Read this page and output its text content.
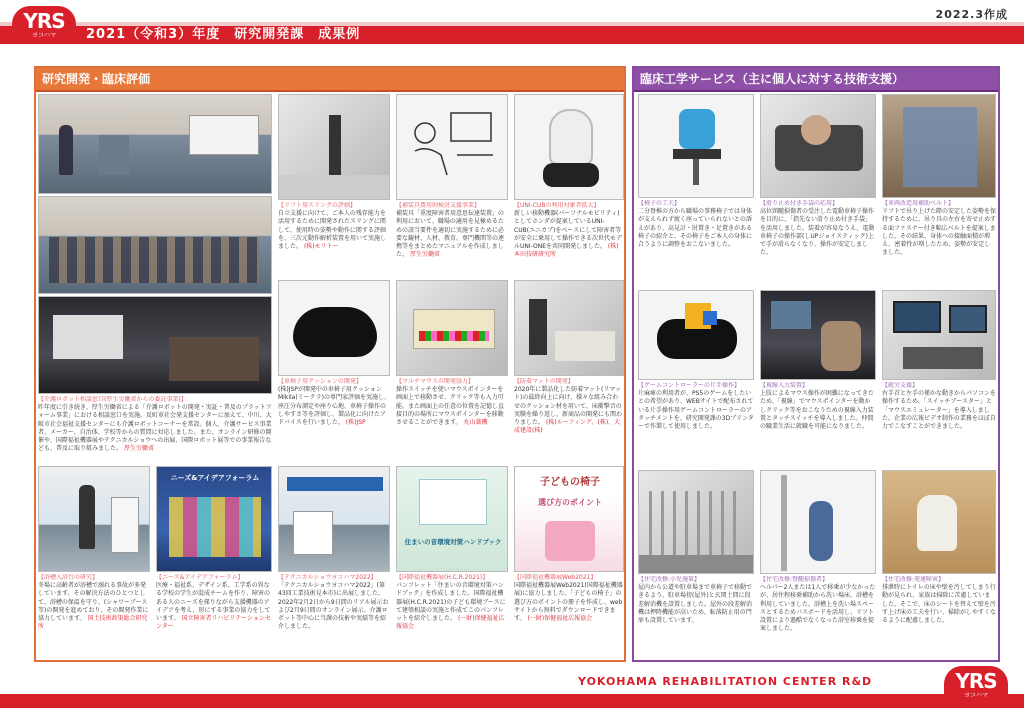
YRS
ヨコハマ	2021（令和3）年度　研究開発課　成果例
2022.3作成
研究開発・臨床評価
【介護ロボット相談窓口(厚生労働省からの委託事業)】
昨年度に引き続き、厚生労働省による「介護ロボットの開発・実証・普及のプラットフォーム事業」における相談窓口を実施。反町車社会発支援センターに加えて、中川、大阪市社会福祉支援センターにも介護ロボットコーナーを常設。個人、介護サービス事業者、メーカー、自治体、学校等からの質問に対応しました。また、オンライン研修の開催や、国際福祉機器展やテクニカルショウへの出展、国際ロボット展等での事業報告なども、普及に取り組みました。 厚生労働省
【リフト用スリングの評価】
自立支援に向けて、ご本人の残存能力を活用するために開発されたスリングに関して、使用時の姿勢や動作に関する評価を、三次元動作解析装置を用いて実施しました。 (株)モリトー
【補装具費用則検討支援事業】
補装具「重度障害者用意思伝達装置」の利用において、職場の適用を見極めるための該当要件を適切に実施するために必要な観材、人材、教育、専門機関等の連携等をまとめたマニュアルを作成しました。 厚生労働省
【UNI-CUBの利用対象者拡大】
新しい移動機器(パーソナルモビリティ)としてホンダが提案しているUNI-CUB(ユニカブ)をベースにして障害者等が安全に乗用して操作できる次世代モデルUNI-ONEを共同開発しました。 (株)本田技研研究所
【車椅子用クッションの開発】
(株)JSPが開発中の車椅子用クッションMikila(ミークラ)の専門家評価を実施し、座圧分布測定や座り心地、車椅子操作のしやすさ等を評価し、製品化に向けたアドバイスを行いました。 (株)JSP
【マルチマウスの開発協力】
操作スイッチを使いマウスポインターを画面上で移動させ、クリック等も入力可能。また画面上の任意の位置を記憶し直接目的の場所にマウスポインターを移動させることができます。 丸山薬機
【防着マットの開発】
2020年に製品化した防着マット(リマット)の最終向上に向け、様々な組み合わせのクッション材を用いて、床衝撃音の実験を繰り返し、新商品の開発にも関わりました。 (株)ルーフィング、(株)、大成建設(株)
【浴槽入浴台の研究】
冬場に高齢者が浴槽で溺れる事故が多発しています。その解決方法のひとつとして、浴槽の保温を守り、(シャワーブース等)の開発を進めており、その開発作業に協力しています。 国土技術政策総合研究所
ニーズ&アイデアフォーラム
【ニーズ&アイデアフォーラム】
医療・福祉系、デザイン系、工学系の異なる学校の学生が混成チームを作り、障害のある人のニーズを探りながら支援機器のアイデアを考え、形にする事業の協力をしています。 国立障害者リハビリテーションセンター
【テクニカルショウヨコハマ2022】
「テクニカルショウヨコハマ2022」(第43回工業技術見本市)に出展しました。2022年2月2日から9日間のリアル展示および2月9日間のオンライン展示。介護ロボット等中心に当課の技術や実績等を紹介しました。
住まいの音環境対策ハンドブック
【国際福祉機器展(H.C.R.2021)】
パンフレット「住まいの音環境対策ハンドブック」を作成しました。国際福祉機器展(H.C.R.2021)の子ども環境ブースにて建築相談の実施と作成てこのパンフレットを紹介しました。 (一財)保健福祉広報協会
子どもの椅子
選び方のポイント
【国際福祉機器展Web2021】
国際福祉機器展Web2021(国際福祉機器展)に協力しました。「子どもの椅子」の選び方のポイントの冊子を作成し、webサイトから無料でダウンロードできます。 (一財)保健福祉広報協会
臨床工学サービス（主に個人に対する技術支援）
【椅子の工夫】
二分脊椎の方から職場の事務椅子では身体が支えられず疲く座っていられないとの訴えがあり、高見計・肘置き・足置きがある椅子の紹介と、その椅子をご本人の身体に合うように調整をおこないました。
【滑り止め付き手袋の応用】
高位頸髄損傷者の受注した電動車椅子操作を目的に、「指先ない滑り止め付き手袋」を活用しました。装着が容易なうえ、電動車椅子の操作部(しUPジョイスティック)上で手が滑らなくなり、操作が安定しました。
【車両改造用補助ベルト】
リフトで吊り上げた際の安定した姿勢を保持するために、吊り具の左右を寄せ止めする面ファスナー付き幅広ベルトを提案しました。その結果、身体への接触面積が増え、密着性が増したため、姿勢が安定しました。
【ゲームコントローラーの片手操作】
片麻痺の利用者が、PS5のゲームをしたいとの希望があり、WEBサイトで配布されている片手操作用ゲームコントローラーのアタッチメントを、研究開発課の3Dプリンターで作製して使用しました。
【視線入力装置】
上肢によるマウス操作が困難になってきたため、「視線」でマウスポインターを動かしクリック等をおこなうための視線入力装置とタッチスイッチを導入しました。仲間の職業生活に就職を可能になりました。
【就労支援】
右手首と左手の僅かな動きからパソコンを操作するため、「スイッチブースター」と「マウスエミュレーター」を導入しました。企業の広報ビデオ制作の業務をほぼ自力でこなすことができました。
【住宅改修:小児施策】
屋内から公道や駐車場まで車椅子で移動できるよう、駐車場傍(屋外)と玄関土間に段差解消機を設置しました。屋外の段差解消機は押降機能が高いため、転落防止用の門扉も設置しています。
【住宅改修:脊髄損傷者】
ヘルパー2人または1人で移乗が少なかったが、居住程移乗補助から洗い場床、浴槽を利用していました。浴槽上を洗い場スペースとするためバスボードを活用し、リフト設置により過酷でなくなった浴室移乗を提案しました。
【住宅改修:発達障害】
排泄時にトイレの床や壁を汚してしまう行動が見られ、家族は掃除に苦慮していました。そこで、床のシートを替えて壁を汚す上げ床の工夫を行い、掃除がしやすくなるように配慮しました。
YOKOHAMA REHABILITATION CENTER R&D	YRS
ヨコハマ
